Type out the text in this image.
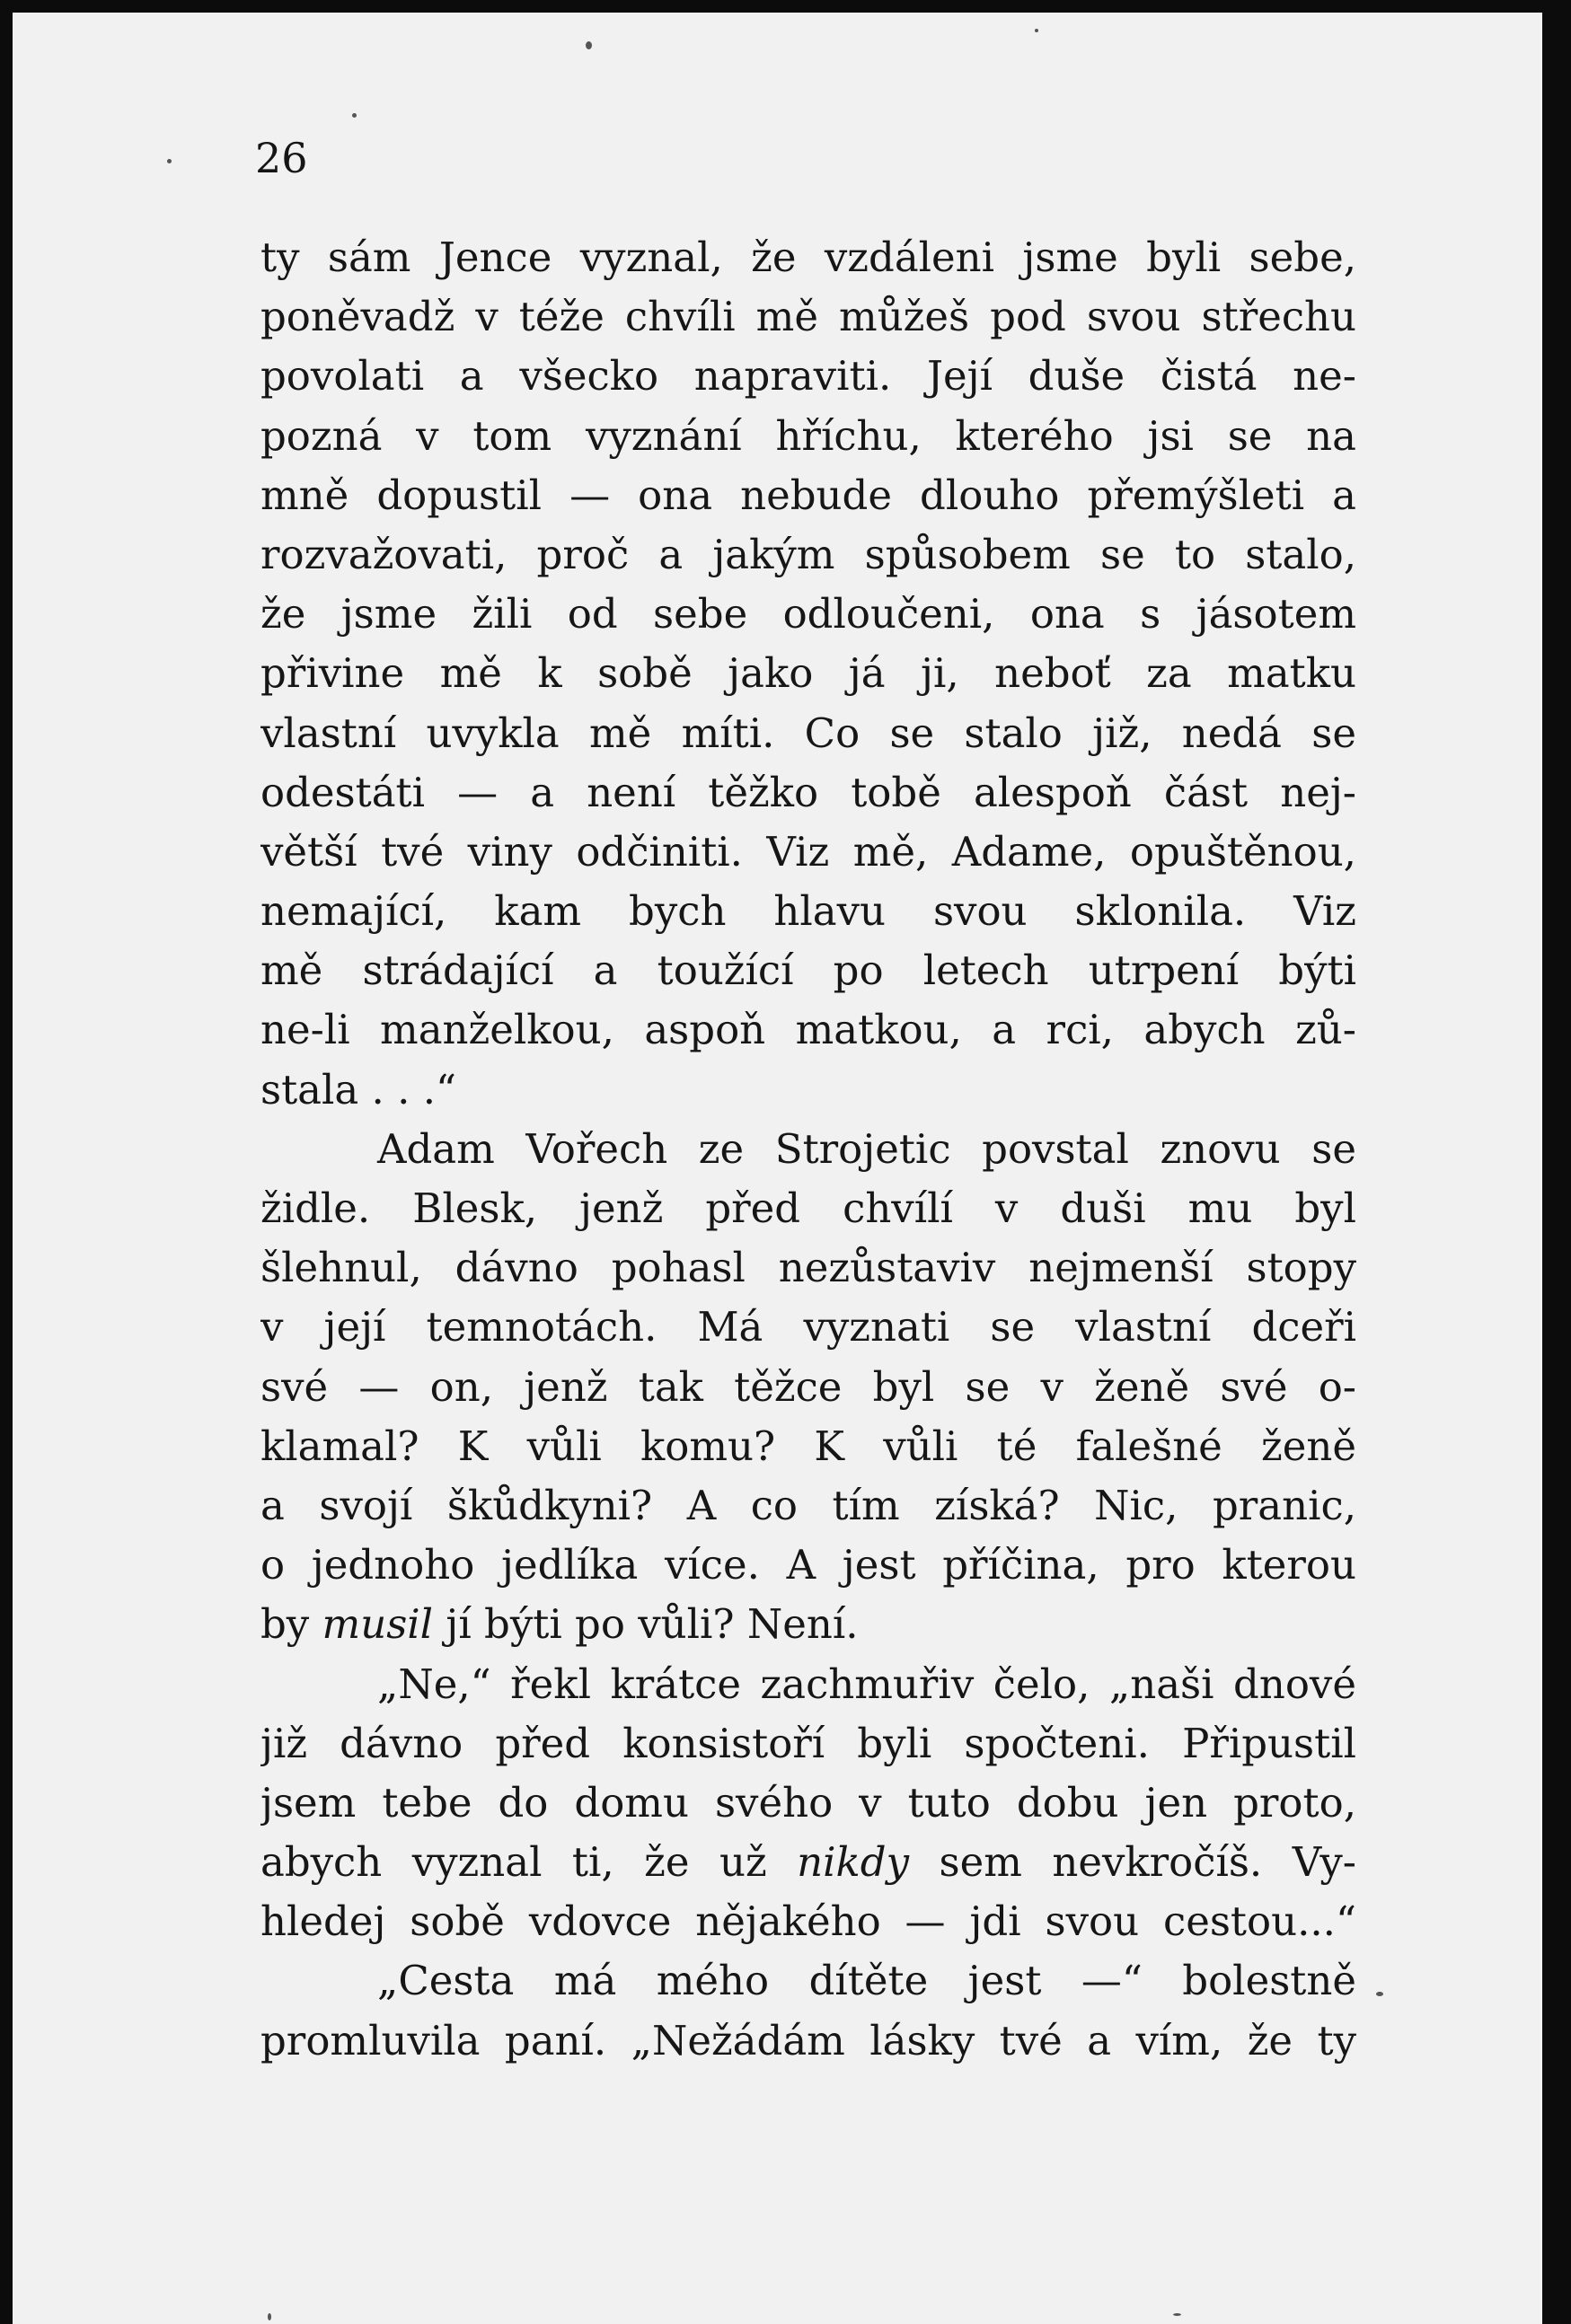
26
ty sám Jence vyznal, že vzdáleni jsme byli sebe,
poněvadž v téže chvíli mě můžeš pod svou střechu
povolati a všecko napraviti. Její duše čistá ne-
pozná v tom vyznání hříchu, kterého jsi se na
mně dopustil — ona nebude dlouho přemýšleti a
rozvažovati, proč a jakým spůsobem se to stalo,
že jsme žili od sebe odloučeni, ona s jásotem
přivine mě k sobě jako já ji, neboť za matku
vlastní uvykla mě míti. Co se stalo již, nedá se
odestáti — a není těžko tobě alespoň část nej-
větší tvé viny odčiniti. Viz mě, Adame, opuštěnou,
nemající, kam bych hlavu svou sklonila. Viz
mě strádající a toužící po letech utrpení býti
ne-li manželkou, aspoň matkou, a rci, abych zů-
stala . . .“
Adam Vořech ze Strojetic povstal znovu se
židle. Blesk, jenž před chvílí v duši mu byl
šlehnul, dávno pohasl nezůstaviv nejmenší stopy
v její temnotách. Má vyznati se vlastní dceři
své — on, jenž tak těžce byl se v ženě své o-
klamal? K vůli komu? K vůli té falešné ženě
a svojí škůdkyni? A co tím získá? Nic, pranic,
o jednoho jedlíka více. A jest příčina, pro kterou
by musil jí býti po vůli? Není.
„Ne,“ řekl krátce zachmuřiv čelo, „naši dnové
již dávno před konsistoří byli spočteni. Připustil
jsem tebe do domu svého v tuto dobu jen proto,
abych vyznal ti, že už nikdy sem nevkročíš. Vy-
hledej sobě vdovce nějakého — jdi svou cestou...“
„Cesta má mého dítěte jest —“ bolestně
promluvila paní. „Nežádám lásky tvé a vím, že ty
